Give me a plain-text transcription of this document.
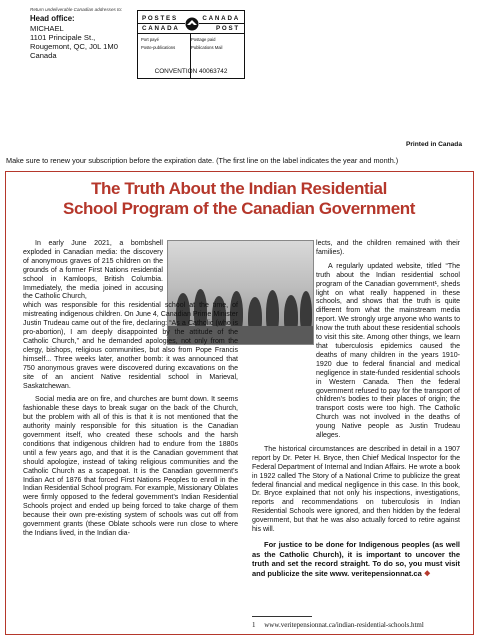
Return undeliverable Canadian addresses to:
Head office:
MICHAEL
1101 Principale St.,
Rougemont, QC, J0L 1M0
Canada
POSTES	CANADA
CANADA	POST
Port payé	Postage paid
Poste-publications	Publications Mail
CONVENTION 40063742
Printed in Canada
Make sure to renew your subscription before the expiration date. (The first line on the label indicates the year and month.)
The Truth About the Indian Residential
School Program of the Canadian Government

In early June 2021, a bombshell exploded in Canadian media: the discovery of anonymous graves of 215 children on the grounds of a former First Nations residential school in Kamloops, British Columbia. Immediately, the media joined in accusing the Catholic Church,

which was responsible for this residential school at the time, of mistreating indigenous children. On June 4, Canadian Prime Minister Justin Trudeau came out of the fire, declaring: “As a Catholic (who is pro-abortion), I am deeply disappointed by the attitude of the Catholic Church,” and he demanded apologies, not only from the clergy, bishops, religious communities, but also from Pope Francis himself... Three weeks later, another bomb: it was announced that 750 anonymous graves were discovered during excavations on the site of an ancient Native residential school in Marieval, Saskatchewan.

Social media are on fire, and churches are burnt down. It seems fashionable these days to break sugar on the back of the Church, but the problem with all of this is that it is not mentioned that the authority mainly responsible for this situation is the Canadian government itself, who created these schools and the harsh conditions that indigenous children had to endure from the 1880s until a few years ago, and that it is the Canadian government that should apologize, instead of taking religious communities and the Catholic Church as a scapegoat. It is the Canadian government’s Indian Act of 1876 that forced First Nations Peoples to enroll in the Indian Residential School program. For example, Missionary Oblates were firmly opposed to the federal government’s Indian Residential Schools project and ended up being forced to take charge of them because their own pre-existing system of schools was cut off from government grants (these Oblate schools were run close to where the Indians lived, in the Indian dia-

lects, and the children remained with their families).

A regularly updated website, titled “The truth about the Indian residential school program of the Canadian government¹, sheds light on what really happened in these schools, and shows that the truth is quite different from what the mainstream media report. We strongly urge anyone who wants to know the truth about these residential schools to visit this site. Among other things, we learn that tuberculosis epidemics caused the deaths of many children in the years 1910-1920 due to federal financial and medical negligence in state-funded residential schools in Western Canada. Then the federal government refused to pay for the transport of children’s bodies to their places of origin; the transport costs were too high. The Catholic Church was not involved in the deaths of young Native people as Justin Trudeau alleges.

The historical circumstances are described in detail in a 1907 report by Dr. Peter H. Bryce, then Chief Medical Inspector for the Federal Department of Internal and Indian Affairs. He wrote a book in 1922 called The Story of a National Crime to publicize the great federal financial and medical negligence in this case. In this book, Dr. Bryce explained that not only his inspections, investigations, reports and recommendations on tuberculosis in Indian Residential Schools were ignored, and then hidden by the federal government, but that he was also actually forced to retire against his will.

For justice to be done for Indigenous peoples (as well as the Catholic Church), it is important to uncover the truth and set the record straight. To do so, you must visit and publicize the site www. veritepensionnat.ca ❖

1 www.veritepensionnat.ca/indian-residential-schools.html
